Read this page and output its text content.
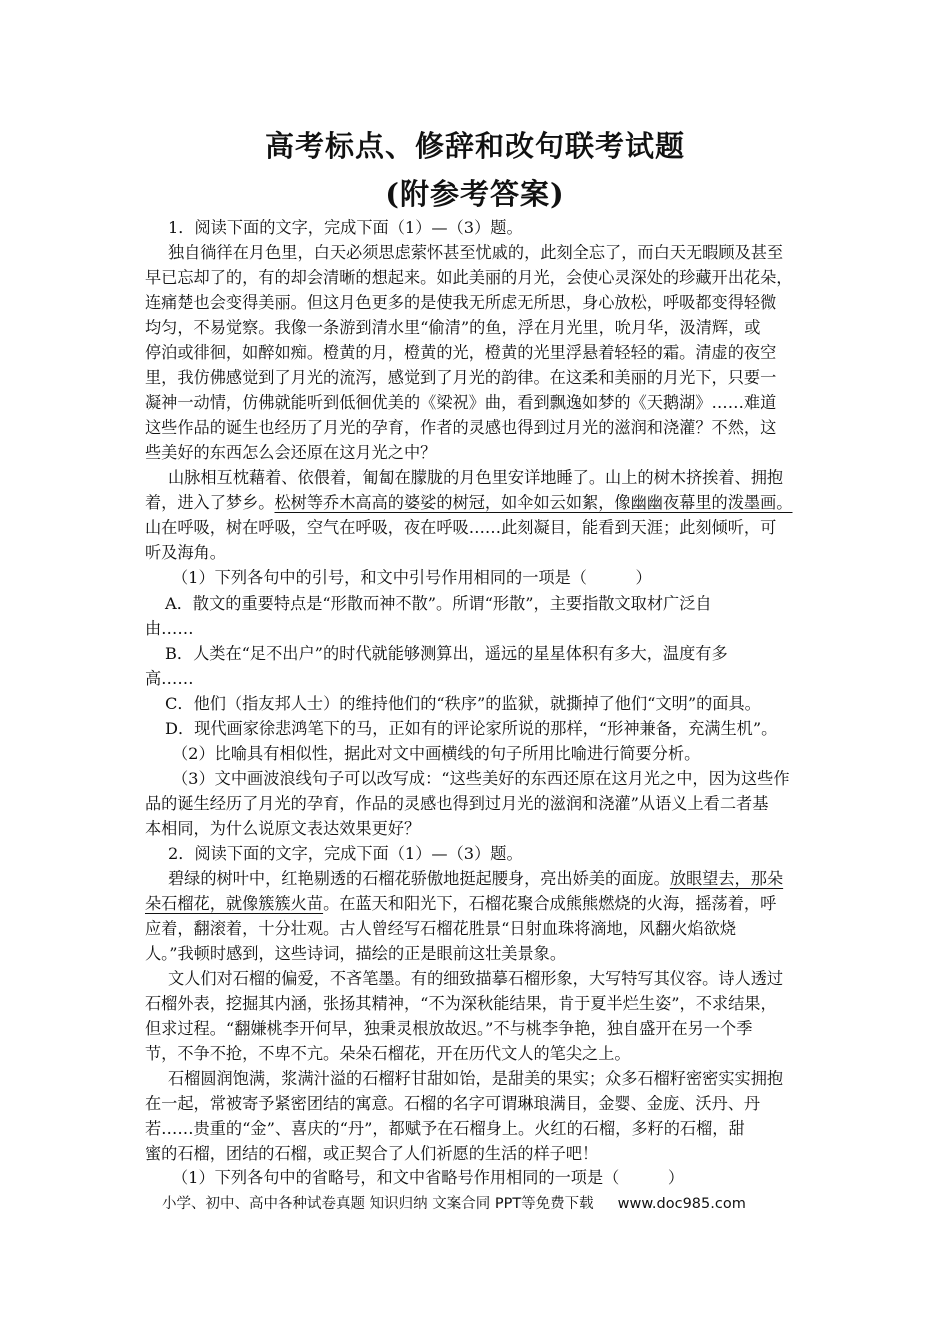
高考标点、修辞和改句联考试题
(附参考答案)
1．阅读下面的文字，完成下面（1）—（3）题。
独自徜徉在月色里，白天必须思虑萦怀甚至忧戚的，此刻全忘了，而白天无暇顾及甚至
早已忘却了的，有的却会清晰的想起来。如此美丽的月光，会使心灵深处的珍藏开出花朵，
连痛楚也会变得美丽。但这月色更多的是使我无所虑无所思，身心放松，呼吸都变得轻微
均匀，不易觉察。我像一条游到清水里“偷清”的鱼，浮在月光里，吮月华，汲清辉，或
停泊或徘徊，如醉如痴。橙黄的月，橙黄的光，橙黄的光里浮悬着轻轻的霜。清虚的夜空
里，我仿佛感觉到了月光的流泻，感觉到了月光的韵律。在这柔和美丽的月光下，只要一
凝神一动情，仿佛就能听到低徊优美的《梁祝》曲，看到飘逸如梦的《天鹅湖》……难道
这些作品的诞生也经历了月光的孕育，作者的灵感也得到过月光的滋润和浇灌？不然，这
些美好的东西怎么会还原在这月光之中？
山脉相互枕藉着、依偎着，匍匐在朦胧的月色里安详地睡了。山上的树木挤挨着、拥抱
着，进入了梦乡。松树等乔木高高的婆娑的树冠，如伞如云如絮，像幽幽夜幕里的泼墨画。
山在呼吸，树在呼吸，空气在呼吸，夜在呼吸……此刻凝目，能看到天涯；此刻倾听，可
听及海角。
（1）下列各句中的引号，和文中引号作用相同的一项是（　　　）
A．散文的重要特点是“形散而神不散”。所谓“形散”，主要指散文取材广泛自
由……
B．人类在“足不出户”的时代就能够测算出，遥远的星星体积有多大，温度有多
高……
C．他们（指友邦人士）的维持他们的“秩序”的监狱，就撕掉了他们“文明”的面具。
D．现代画家徐悲鸿笔下的马，正如有的评论家所说的那样，“形神兼备，充满生机”。
（2）比喻具有相似性，据此对文中画横线的句子所用比喻进行简要分析。
（3）文中画波浪线句子可以改写成：“这些美好的东西还原在这月光之中，因为这些作
品的诞生经历了月光的孕育，作品的灵感也得到过月光的滋润和浇灌”从语义上看二者基
本相同，为什么说原文表达效果更好？
2．阅读下面的文字，完成下面（1）—（3）题。
碧绿的树叶中，红艳剔透的石榴花骄傲地挺起腰身，亮出娇美的面庞。放眼望去，那朵
朵石榴花，就像簇簇火苗。在蓝天和阳光下，石榴花聚合成熊熊燃烧的火海，摇荡着，呼
应着，翻滚着，十分壮观。古人曾经写石榴花胜景“日射血珠将滴地，风翻火焰欲烧
人。”我顿时感到，这些诗词，描绘的正是眼前这壮美景象。
文人们对石榴的偏爱，不吝笔墨。有的细致描摹石榴形象，大写特写其仪容。诗人透过
石榴外表，挖掘其内涵，张扬其精神，“不为深秋能结果，肯于夏半烂生姿”，不求结果，
但求过程。“翻嫌桃李开何早，独秉灵根放故迟。”不与桃李争艳，独自盛开在另一个季
节，不争不抢，不卑不亢。朵朵石榴花，开在历代文人的笔尖之上。
石榴圆润饱满，浆满汁溢的石榴籽甘甜如饴，是甜美的果实；众多石榴籽密密实实拥抱
在一起，常被寄予紧密团结的寓意。石榴的名字可谓琳琅满目，金婴、金庞、沃丹、丹
若……贵重的“金”、喜庆的“丹”，都赋予在石榴身上。火红的石榴，多籽的石榴，甜
蜜的石榴，团结的石榴，或正契合了人们祈愿的生活的样子吧！
（1）下列各句中的省略号，和文中省略号作用相同的一项是（　　　）
小学、初中、高中各种试卷真题 知识归纳 文案合同 PPT等免费下载 www.doc985.com
